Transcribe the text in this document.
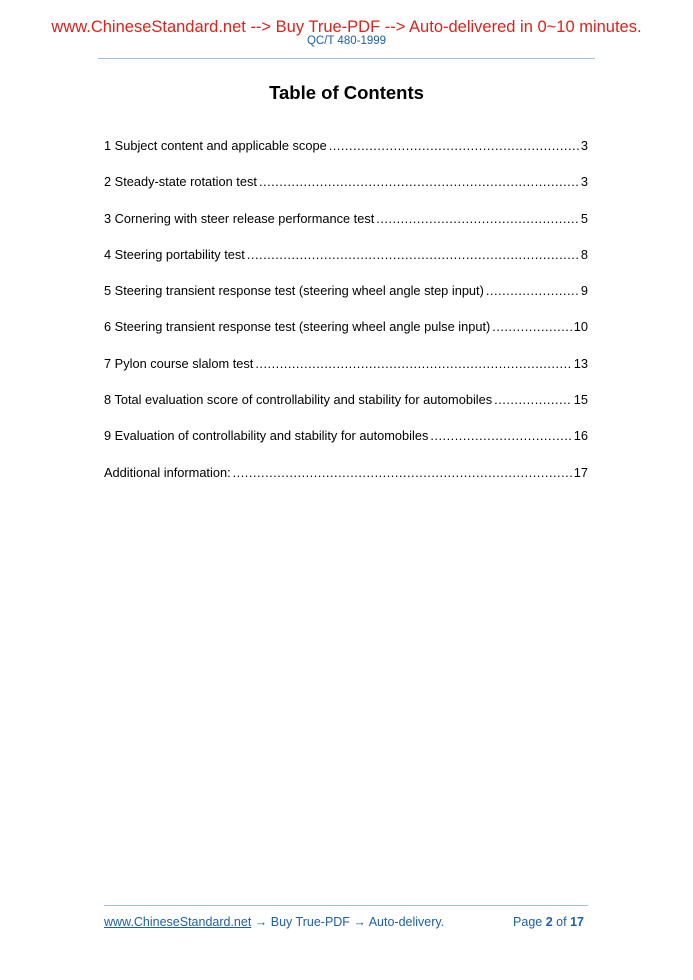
www.ChineseStandard.net --> Buy True-PDF --> Auto-delivered in 0~10 minutes.
QC/T 480-1999
Table of Contents
1 Subject content and applicable scope .....	3
2 Steady-state rotation test .....	3
3 Cornering with steer release performance test .....	5
4 Steering portability test .....	8
5 Steering transient response test (steering wheel angle step input) .....	9
6 Steering transient response test (steering wheel angle pulse input) .....	10
7 Pylon course slalom test .....	13
8 Total evaluation score of controllability and stability for automobiles .....	15
9 Evaluation of controllability and stability for automobiles .....	16
Additional information: .....	17
www.ChineseStandard.net → Buy True-PDF → Auto-delivery.	Page 2 of 17
